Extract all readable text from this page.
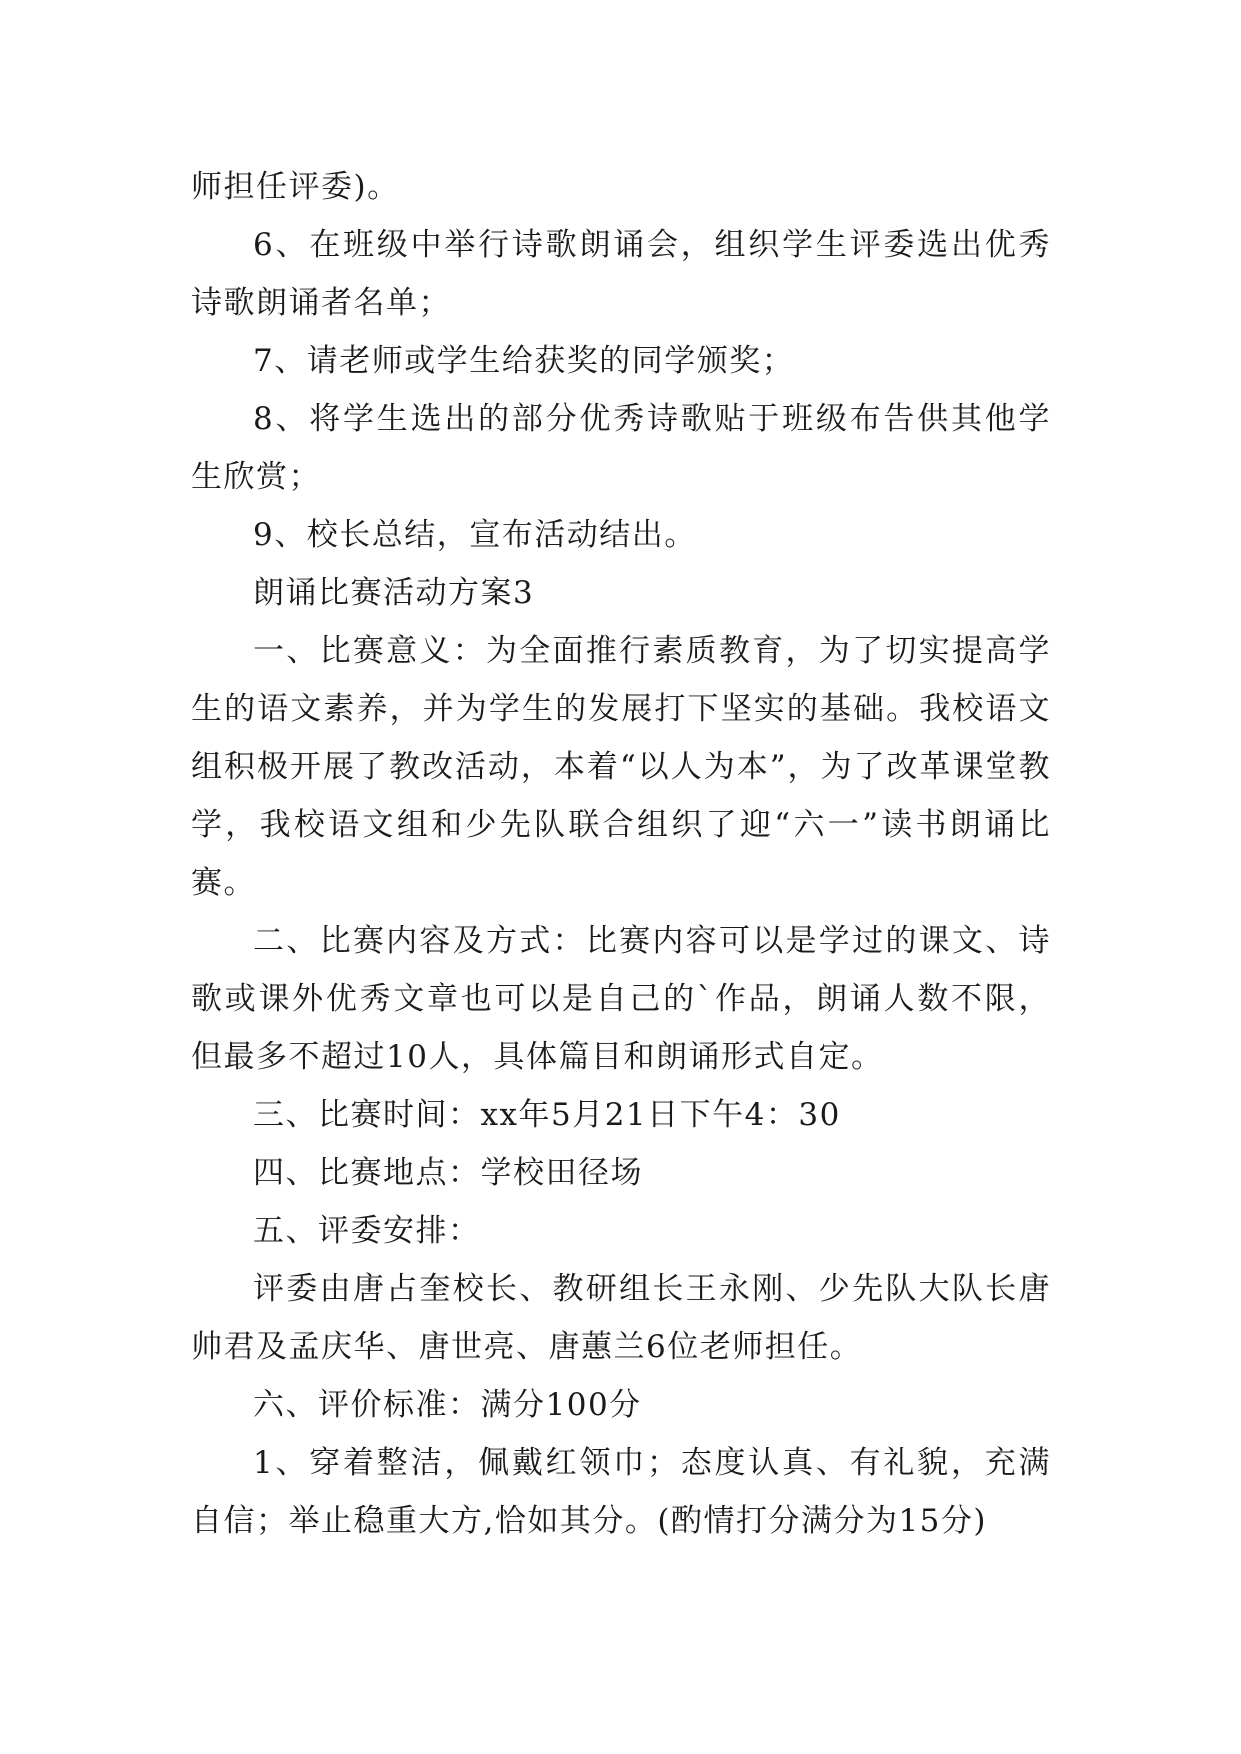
师担任评委)。

6、在班级中举行诗歌朗诵会，组织学生评委选出优秀诗歌朗诵者名单；

7、请老师或学生给获奖的同学颁奖；

8、将学生选出的部分优秀诗歌贴于班级布告供其他学生欣赏；

9、校长总结，宣布活动结出。

朗诵比赛活动方案3

一、比赛意义：为全面推行素质教育，为了切实提高学生的语文素养，并为学生的发展打下坚实的基础。我校语文组积极开展了教改活动，本着“以人为本”，为了改革课堂教学，我校语文组和少先队联合组织了迎“六一”读书朗诵比赛。

二、比赛内容及方式：比赛内容可以是学过的课文、诗歌或课外优秀文章也可以是自己的`作品，朗诵人数不限，但最多不超过10人，具体篇目和朗诵形式自定。

三、比赛时间：xx年5月21日下午4：30

四、比赛地点：学校田径场

五、评委安排：

评委由唐占奎校长、教研组长王永刚、少先队大队长唐帅君及孟庆华、唐世亮、唐蕙兰6位老师担任。

六、评价标准：满分100分

1、穿着整洁，佩戴红领巾；态度认真、有礼貌，充满自信；举止稳重大方,恰如其分。(酌情打分满分为15分)
